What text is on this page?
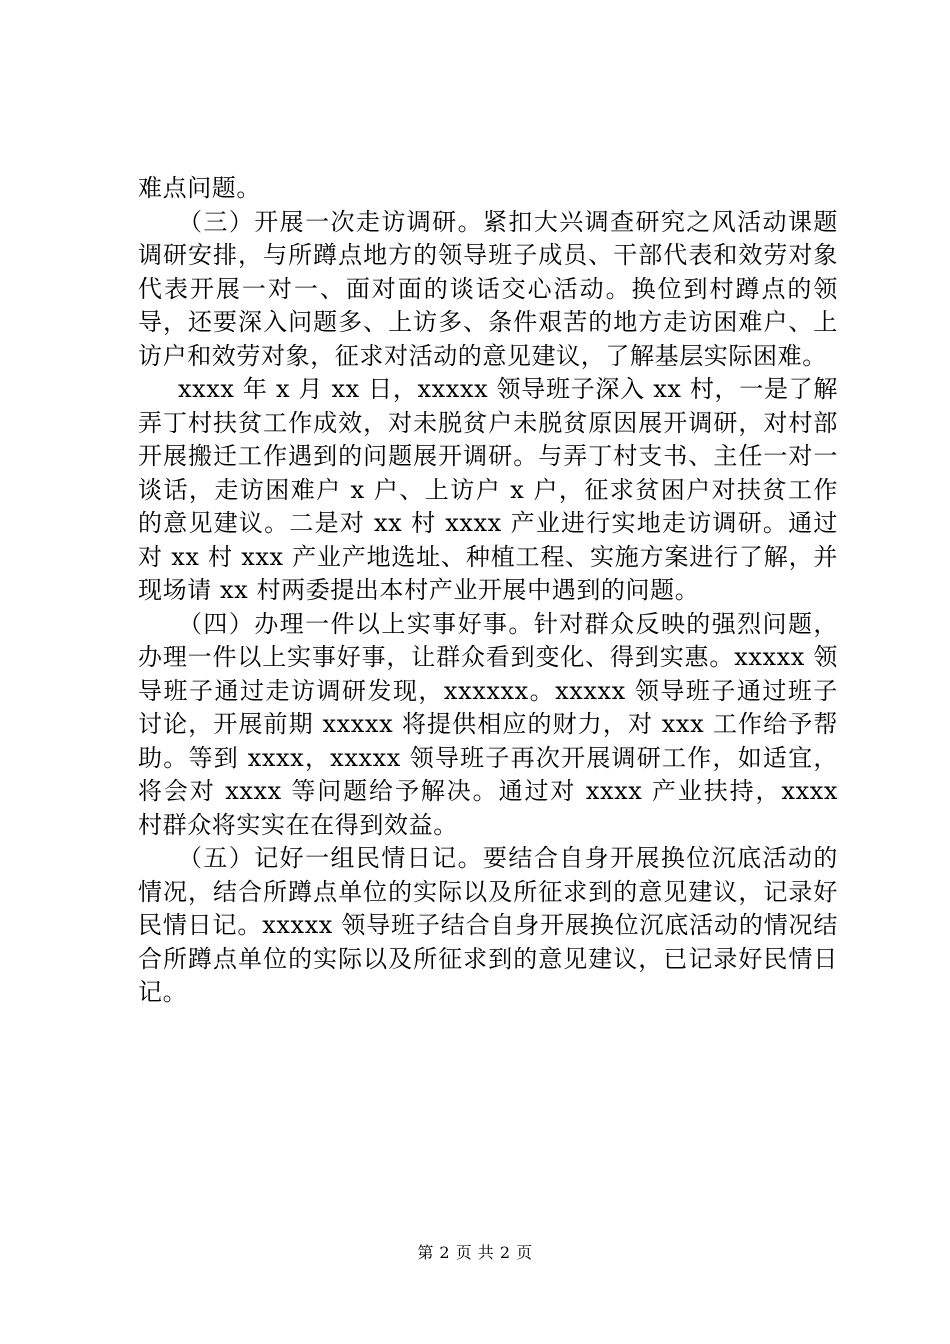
难点问题。

（三）开展一次走访调研。紧扣大兴调查研究之风活动课题调研安排，与所蹲点地方的领导班子成员、干部代表和效劳对象代表开展一对一、面对面的谈话交心活动。换位到村蹲点的领导，还要深入问题多、上访多、条件艰苦的地方走访困难户、上访户和效劳对象，征求对活动的意见建议，了解基层实际困难。

xxxx 年 x 月 xx 日，xxxxx 领导班子深入 xx 村，一是了解弄丁村扶贫工作成效，对未脱贫户未脱贫原因展开调研，对村部开展搬迁工作遇到的问题展开调研。与弄丁村支书、主任一对一谈话，走访困难户 x 户、上访户 x 户，征求贫困户对扶贫工作的意见建议。二是对 xx 村 xxxx 产业进行实地走访调研。通过对 xx 村 xxx 产业产地选址、种植工程、实施方案进行了解，并现场请 xx 村两委提出本村产业开展中遇到的问题。

（四）办理一件以上实事好事。针对群众反映的强烈问题，办理一件以上实事好事，让群众看到变化、得到实惠。xxxxx 领导班子通过走访调研发现，xxxxxx。xxxxx 领导班子通过班子讨论，开展前期 xxxxx 将提供相应的财力，对 xxx 工作给予帮助。等到 xxxx，xxxxx 领导班子再次开展调研工作，如适宜，将会对 xxxx 等问题给予解决。通过对 xxxx 产业扶持，xxxx 村群众将实实在在得到效益。

（五）记好一组民情日记。要结合自身开展换位沉底活动的情况，结合所蹲点单位的实际以及所征求到的意见建议，记录好民情日记。xxxxx 领导班子结合自身开展换位沉底活动的情况结合所蹲点单位的实际以及所征求到的意见建议，已记录好民情日记。

第 2 页 共 2 页
